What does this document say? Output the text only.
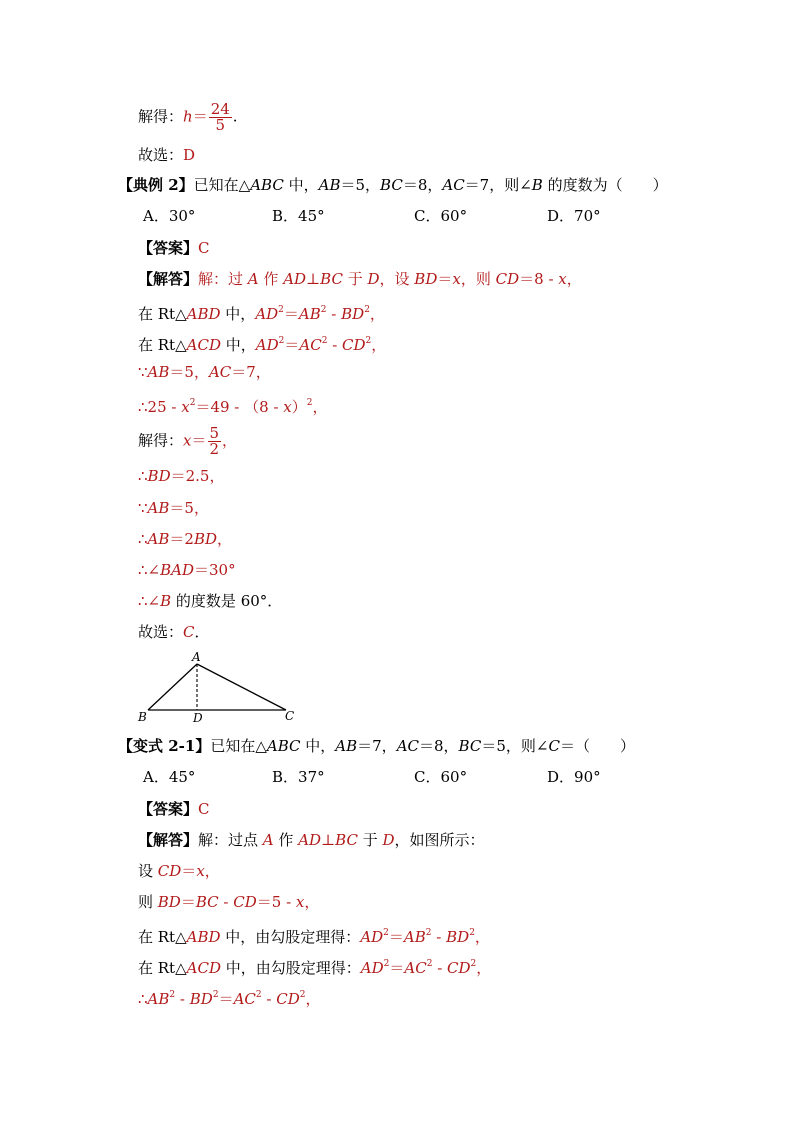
解得：$h= \frac{24}{5}$ .
故选：D
【典例 2】已知在△ABC 中，AB＝5，BC＝8，AC＝7，则∠B 的度数为（　　）
A．30°	B．45°	C．60°	D．70°
【答案】C
【解答】解：过 A 作 AD⊥BC 于 D，设 BD＝x，则 CD＝8 - x，
在 Rt△ABD 中，$AD^2=AB^2 - BD^2$，
在 Rt△ACD 中，$AD^2=AC^2 - CD^2$，
∵AB＝5，AC＝7，
∴25 - $x^2=49 - (8 - x)^2$，
解得：$x= \frac{5}{2}$ ，
∴BD＝2.5，
∵AB＝5，
∴AB＝2BD，
∴∠BAD＝30°
∴∠B 的度数是 60°．
故选：C．
A
B	D	C
【变式 2-1】已知在△ABC 中，AB＝7，AC＝8，BC＝5，则∠C＝（　　）
A．45°	B．37°	C．60°	D．90°
【答案】C
【解答】解：过点 A 作 AD⊥BC 于 D，如图所示：
设 CD＝x，
则 BD＝BC - CD＝5 - x，
在 Rt△ABD 中，由勾股定理得：$AD^2=AB^2 - BD^2$，
在 Rt△ACD 中，由勾股定理得：$AD^2=AC^2 - CD^2$，
$\therefore AB^2 - BD^2=AC^2 - CD^2$，
